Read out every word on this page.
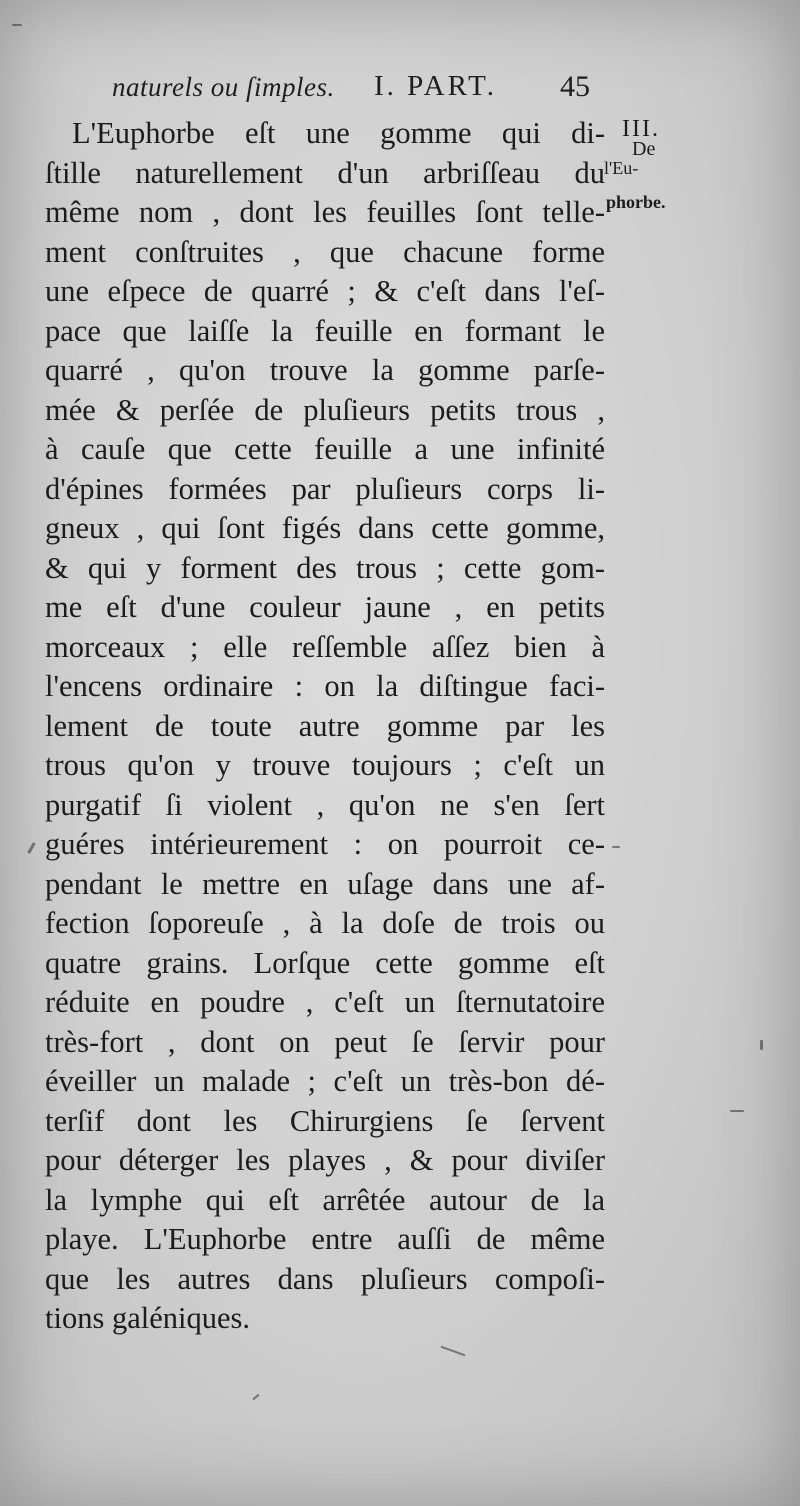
naturels ou ſimples. I. PART. 45
III.
De
l'Eu-
phorbe.
L'Euphorbe eſt une gomme qui di-
ſtille naturellement d'un arbriſſeau du
même nom , dont les feuilles ſont telle-
ment conſtruites , que chacune forme
une eſpece de quarré ; & c'eſt dans l'eſ-
pace que laiſſe la feuille en formant le
quarré , qu'on trouve la gomme parſe-
mée & perſée de pluſieurs petits trous ,
à cauſe que cette feuille a une infinité
d'épines formées par pluſieurs corps li-
gneux , qui ſont figés dans cette gomme,
& qui y forment des trous ; cette gom-
me eſt d'une couleur jaune , en petits
morceaux ; elle reſſemble aſſez bien à
l'encens ordinaire : on la diſtingue faci-
lement de toute autre gomme par les
trous qu'on y trouve toujours ; c'eſt un
purgatif ſi violent , qu'on ne s'en ſert
guéres intérieurement : on pourroit ce-
pendant le mettre en uſage dans une af-
fection ſoporeuſe , à la doſe de trois ou
quatre grains. Lorſque cette gomme eſt
réduite en poudre , c'eſt un ſternutatoire
très-fort , dont on peut ſe ſervir pour
éveiller un malade ; c'eſt un très-bon dé-
terſif dont les Chirurgiens ſe ſervent
pour déterger les playes , & pour diviſer
la lymphe qui eſt arrêtée autour de la
playe. L'Euphorbe entre auſſi de même
que les autres dans pluſieurs compoſi-
tions galéniques.
